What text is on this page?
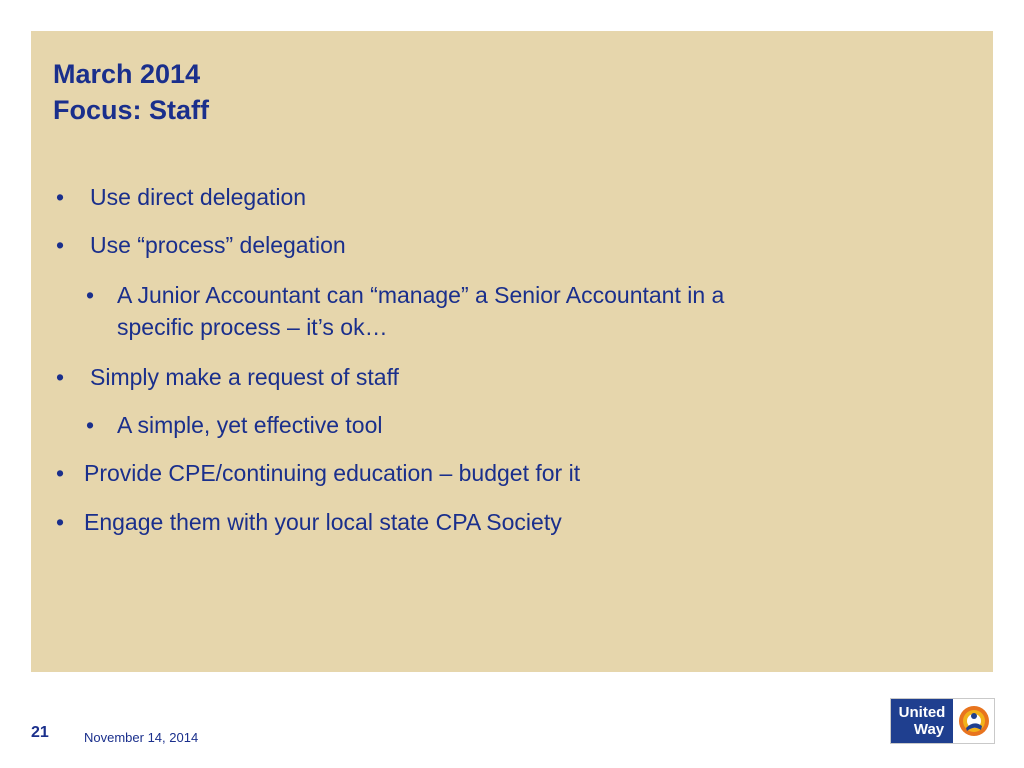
March 2014
Focus: Staff
• Use direct delegation
• Use “process” delegation
• A Junior Accountant can “manage” a Senior Accountant in a
specific process – it’s ok…
• Simply make a request of staff
• A simple, yet effective tool
• Provide CPE/continuing education – budget for it
• Engage them with your local state CPA Society
21	November 14, 2014
United
Way
